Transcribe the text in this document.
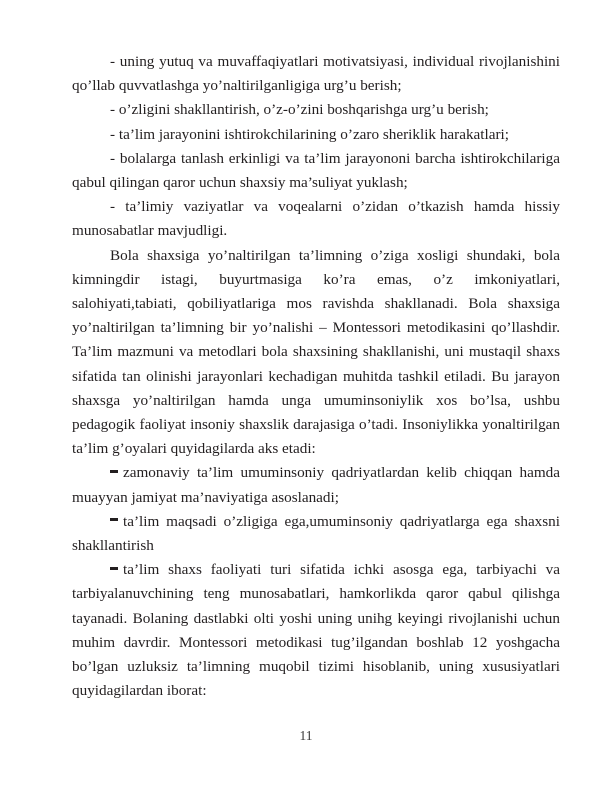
- uning yutuq va muvaffaqiyatlari motivatsiyasi, individual rivojlanishini qo’llab quvvatlashga yo’naltirilganligiga urg’u berish;

- o’zligini shakllantirish, o’z-o’zini boshqarishga urg’u berish;

- ta’lim jarayonini ishtirokchilarining o’zaro sheriklik harakatlari;

- bolalarga tanlash erkinligi va ta’lim jarayononi barcha ishtirokchilariga qabul qilingan qaror uchun shaxsiy ma’suliyat yuklash;

- ta’limiy vaziyatlar va voqealarni o’zidan o’tkazish hamda hissiy munosabatlar mavjudligi.

Bola shaxsiga yo’naltirilgan ta’limning o’ziga xosligi shundaki, bola kimningdir istagi, buyurtmasiga ko’ra emas, o’z imkoniyatlari, salohiyati,tabiati, qobiliyatlariga mos ravishda shakllanadi. Bola shaxsiga yo’naltirilgan ta’limning bir yo’nalishi – Montessori metodikasini qo’llashdir. Ta’lim mazmuni va metodlari bola shaxsining shakllanishi, uni mustaqil shaxs sifatida tan olinishi jarayonlari kechadigan muhitda tashkil etiladi. Bu jarayon shaxsga yo’naltirilgan hamda unga umuminsoniylik xos bo’lsa, ushbu pedagogik faoliyat insoniy shaxslik darajasiga o’tadi. Insoniylikka yonaltirilgan ta’lim g’oyalari quyidagilarda aks etadi:

zamonaviy ta’lim umuminsoniy qadriyatlardan kelib chiqqan hamda muayyan jamiyat ma’naviyatiga asoslanadi;

ta’lim maqsadi o’zligiga ega,umuminsoniy qadriyatlarga ega shaxsni shakllantirish

ta’lim shaxs faoliyati turi sifatida ichki asosga ega, tarbiyachi va tarbiyalanuvchining teng munosabatlari, hamkorlikda qaror qabul qilishga tayanadi. Bolaning dastlabki olti yoshi uning unihg keyingi rivojlanishi uchun muhim davrdir. Montessori metodikasi tug’ilgandan boshlab 12 yoshgacha bo’lgan uzluksiz ta’limning muqobil tizimi hisoblanib, uning xususiyatlari quyidagilardan iborat:

11
